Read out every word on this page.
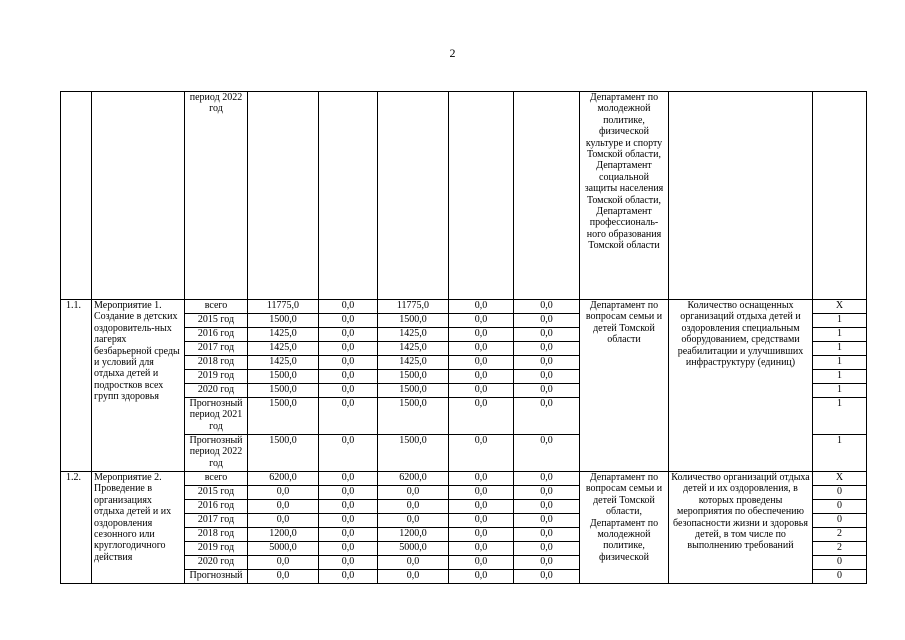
2
		период 2022 год						Департамент по молодежной политике, физической культуре и спорту Томской области, Департамент социальной защиты населения Томской области, Департамент профессиональ-ного образования Томской области		
1.1.	Мероприятие 1. Создание в детских оздоровитель-ных лагерях безбарьерной среды и условий для отдыха детей и подростков всех групп здоровья	всего	11775,0	0,0	11775,0	0,0	0,0	Департамент по вопросам семьи и детей Томской области	Количество оснащенных организаций отдыха детей и оздоровления специальным оборудованием, средствами реабилитации и улучшивших инфраструктуру (единиц)	Х
		2015 год	1500,0	0,0	1500,0	0,0	0,0			1
		2016 год	1425,0	0,0	1425,0	0,0	0,0			1
		2017 год	1425,0	0,0	1425,0	0,0	0,0			1
		2018 год	1425,0	0,0	1425,0	0,0	0,0			1
		2019 год	1500,0	0,0	1500,0	0,0	0,0			1
		2020 год	1500,0	0,0	1500,0	0,0	0,0			1
		Прогнозный период 2021 год	1500,0	0,0	1500,0	0,0	0,0			1
		Прогнозный период 2022 год	1500,0	0,0	1500,0	0,0	0,0			1
1.2.	Мероприятие 2. Проведение в организациях отдыха детей и их оздоровления сезонного или круглогодичного действия	всего	6200,0	0,0	6200,0	0,0	0,0	Департамент по вопросам семьи и детей Томской области, Департамент по молодежной политике, физической	Количество организаций отдыха детей и их оздоровления, в которых проведены мероприятия по обеспечению безопасности жизни и здоровья детей, в том числе по выполнению требований	Х
		2015 год	0,0	0,0	0,0	0,0	0,0			0
		2016 год	0,0	0,0	0,0	0,0	0,0			0
		2017 год	0,0	0,0	0,0	0,0	0,0			0
		2018 год	1200,0	0,0	1200,0	0,0	0,0			2
		2019 год	5000,0	0,0	5000,0	0,0	0,0			2
		2020 год	0,0	0,0	0,0	0,0	0,0			0
		Прогнозный	0,0	0,0	0,0	0,0	0,0			0
